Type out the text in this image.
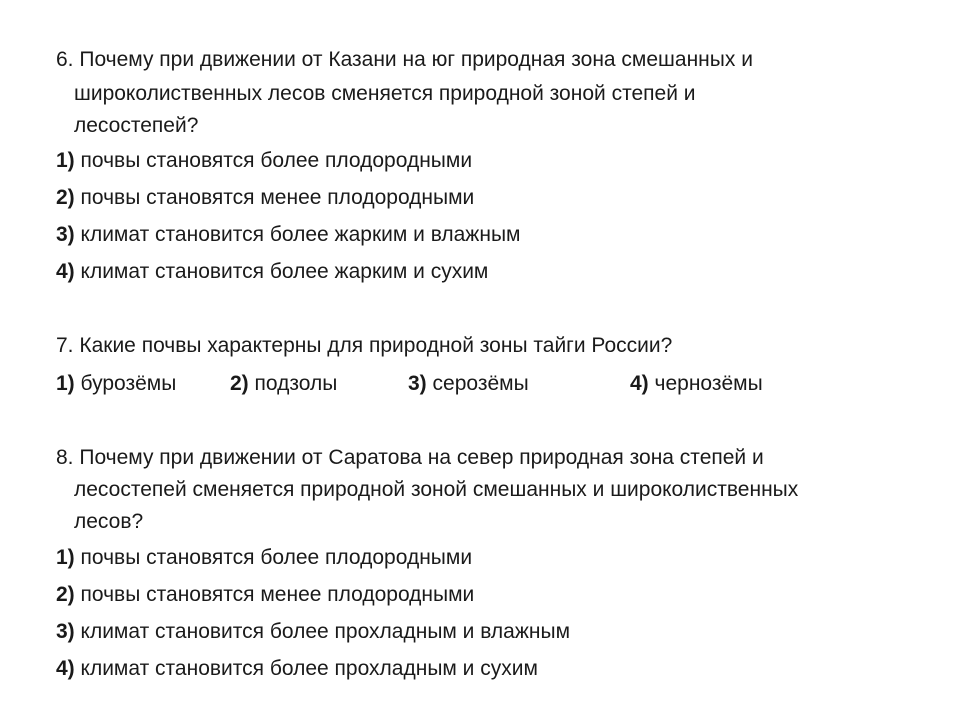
6. Почему при движении от Казани на юг природная зона смешанных и
широколиственных лесов сменяется природной зоной степей и
лесостепей?
1) почвы становятся более плодородными
2) почвы становятся менее плодородными
3) климат становится более жарким и влажным
4) климат становится более жарким и сухим
7. Какие почвы характерны для природной зоны тайги России?
1) бурозёмы	2) подзолы	3) серозёмы	4) чернозёмы
8. Почему при движении от Саратова на север природная зона степей и
лесостепей сменяется природной зоной смешанных и широколиственных
лесов?
1) почвы становятся более плодородными
2) почвы становятся менее плодородными
3) климат становится более прохладным и влажным
4) климат становится более прохладным и сухим
